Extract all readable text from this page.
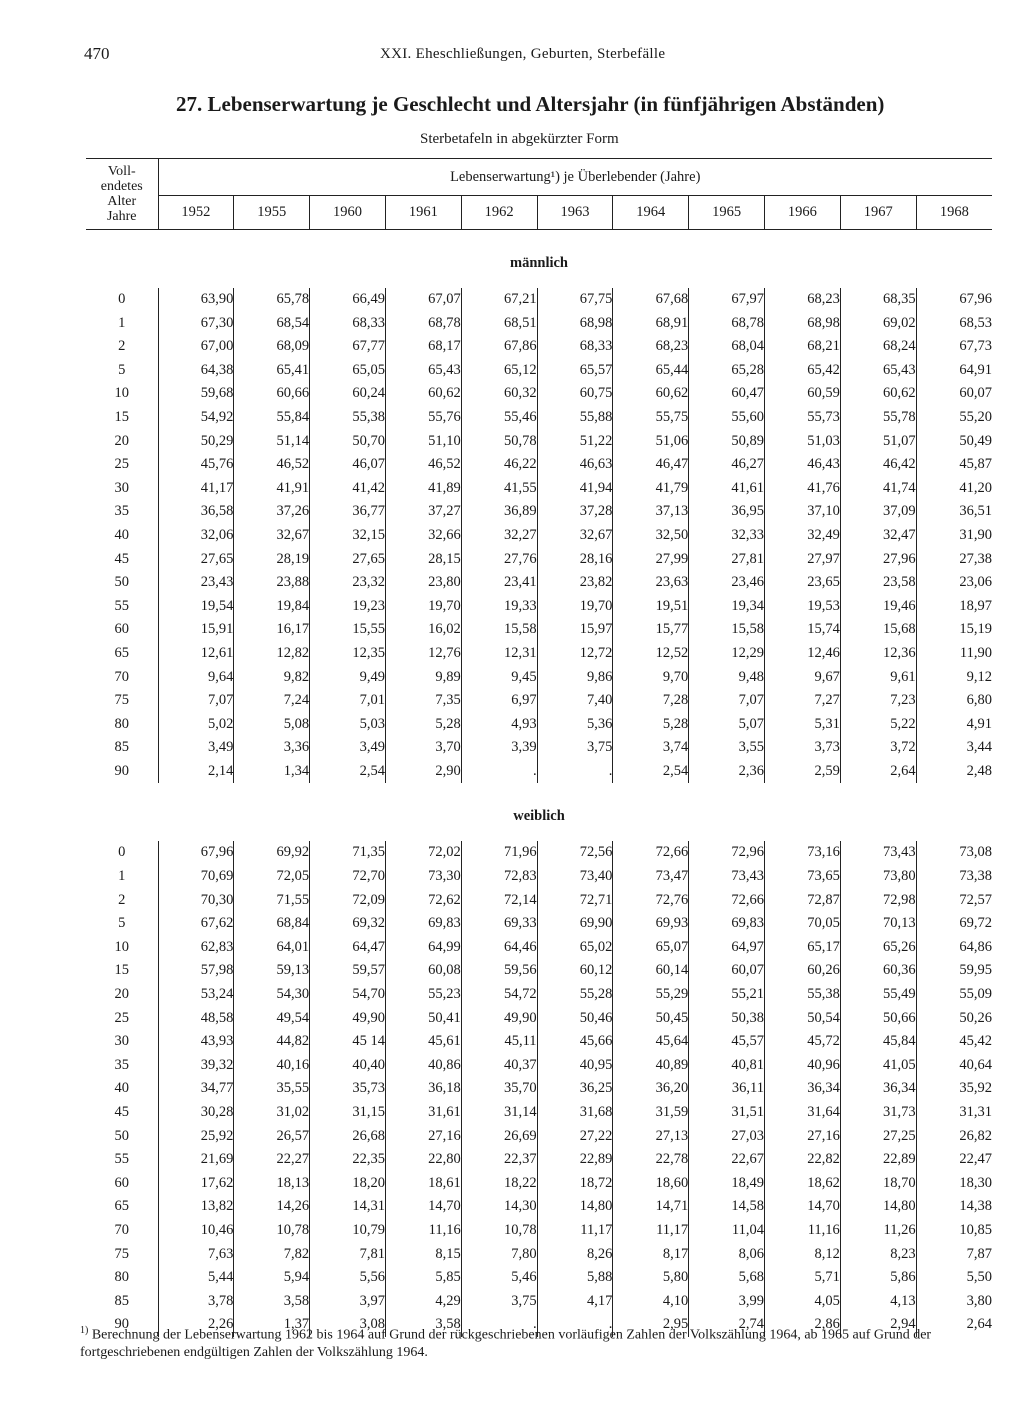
470	XXI. Eheschließungen, Geburten, Sterbefälle
27. Lebenserwartung je Geschlecht und Altersjahr (in fünfjährigen Abständen)
Sterbetafeln in abgekürzter Form
Voll-
endetes
Alter
Jahre	Lebenserwartung¹) je Überlebender (Jahre)										
	1952	1955	1960	1961	1962	1963	1964	1965	1966	1967	1968
männlich											

0	63,90	65,78	66,49	67,07	67,21	67,75	67,68	67,97	68,23	68,35	67,96
1	67,30	68,54	68,33	68,78	68,51	68,98	68,91	68,78	68,98	69,02	68,53
2	67,00	68,09	67,77	68,17	67,86	68,33	68,23	68,04	68,21	68,24	67,73
5	64,38	65,41	65,05	65,43	65,12	65,57	65,44	65,28	65,42	65,43	64,91
10	59,68	60,66	60,24	60,62	60,32	60,75	60,62	60,47	60,59	60,62	60,07
15	54,92	55,84	55,38	55,76	55,46	55,88	55,75	55,60	55,73	55,78	55,20
20	50,29	51,14	50,70	51,10	50,78	51,22	51,06	50,89	51,03	51,07	50,49
25	45,76	46,52	46,07	46,52	46,22	46,63	46,47	46,27	46,43	46,42	45,87
30	41,17	41,91	41,42	41,89	41,55	41,94	41,79	41,61	41,76	41,74	41,20
35	36,58	37,26	36,77	37,27	36,89	37,28	37,13	36,95	37,10	37,09	36,51
40	32,06	32,67	32,15	32,66	32,27	32,67	32,50	32,33	32,49	32,47	31,90
45	27,65	28,19	27,65	28,15	27,76	28,16	27,99	27,81	27,97	27,96	27,38
50	23,43	23,88	23,32	23,80	23,41	23,82	23,63	23,46	23,65	23,58	23,06
55	19,54	19,84	19,23	19,70	19,33	19,70	19,51	19,34	19,53	19,46	18,97
60	15,91	16,17	15,55	16,02	15,58	15,97	15,77	15,58	15,74	15,68	15,19
65	12,61	12,82	12,35	12,76	12,31	12,72	12,52	12,29	12,46	12,36	11,90
70	9,64	9,82	9,49	9,89	9,45	9,86	9,70	9,48	9,67	9,61	9,12
75	7,07	7,24	7,01	7,35	6,97	7,40	7,28	7,07	7,27	7,23	6,80
80	5,02	5,08	5,03	5,28	4,93	5,36	5,28	5,07	5,31	5,22	4,91
85	3,49	3,36	3,49	3,70	3,39	3,75	3,74	3,55	3,73	3,72	3,44
90	2,14	1,34	2,54	2,90	.	.	2,54	2,36	2,59	2,64	2,48
weiblich											

0	67,96	69,92	71,35	72,02	71,96	72,56	72,66	72,96	73,16	73,43	73,08
1	70,69	72,05	72,70	73,30	72,83	73,40	73,47	73,43	73,65	73,80	73,38
2	70,30	71,55	72,09	72,62	72,14	72,71	72,76	72,66	72,87	72,98	72,57
5	67,62	68,84	69,32	69,83	69,33	69,90	69,93	69,83	70,05	70,13	69,72
10	62,83	64,01	64,47	64,99	64,46	65,02	65,07	64,97	65,17	65,26	64,86
15	57,98	59,13	59,57	60,08	59,56	60,12	60,14	60,07	60,26	60,36	59,95
20	53,24	54,30	54,70	55,23	54,72	55,28	55,29	55,21	55,38	55,49	55,09
25	48,58	49,54	49,90	50,41	49,90	50,46	50,45	50,38	50,54	50,66	50,26
30	43,93	44,82	45 14	45,61	45,11	45,66	45,64	45,57	45,72	45,84	45,42
35	39,32	40,16	40,40	40,86	40,37	40,95	40,89	40,81	40,96	41,05	40,64
40	34,77	35,55	35,73	36,18	35,70	36,25	36,20	36,11	36,34	36,34	35,92
45	30,28	31,02	31,15	31,61	31,14	31,68	31,59	31,51	31,64	31,73	31,31
50	25,92	26,57	26,68	27,16	26,69	27,22	27,13	27,03	27,16	27,25	26,82
55	21,69	22,27	22,35	22,80	22,37	22,89	22,78	22,67	22,82	22,89	22,47
60	17,62	18,13	18,20	18,61	18,22	18,72	18,60	18,49	18,62	18,70	18,30
65	13,82	14,26	14,31	14,70	14,30	14,80	14,71	14,58	14,70	14,80	14,38
70	10,46	10,78	10,79	11,16	10,78	11,17	11,17	11,04	11,16	11,26	10,85
75	7,63	7,82	7,81	8,15	7,80	8,26	8,17	8,06	8,12	8,23	7,87
80	5,44	5,94	5,56	5,85	5,46	5,88	5,80	5,68	5,71	5,86	5,50
85	3,78	3,58	3,97	4,29	3,75	4,17	4,10	3,99	4,05	4,13	3,80
90	2,26	1,37	3,08	3,58	.	.	2,95	2,74	2,86	2,94	2,64
$^{1)}$ Berechnung der Lebenserwartung 1962 bis 1964 auf Grund der rückgeschriebenen vorläufigen Zahlen der Volkszählung 1964, ab 1965 auf Grund der fortgeschriebenen endgültigen Zahlen der Volkszählung 1964.
